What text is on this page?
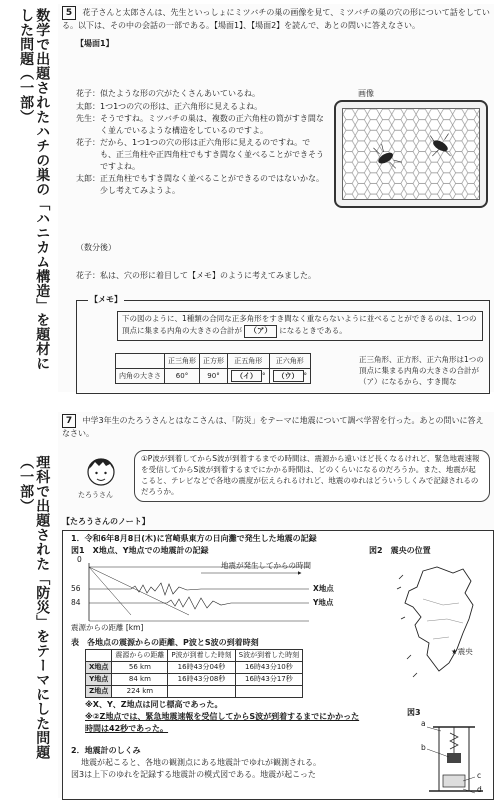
数学で出題されたハチの巣の「ハニカム構造」を題材にした問題（一部）
理科で出題された「防災」をテーマにした問題（一部）
5 花子さんと太郎さんは、先生といっしょにミツバチの巣の画像を見て、ミツバチの巣の穴の形について話をしている。以下は、その中の会話の一部である。【場面1】、【場面2】を読んで、あとの問いに答えなさい。
【場面1】
花子： 似たような形の穴がたくさんあいているね。
太郎： 1つ1つの穴の形は、正六角形に見えるよね。
先生： そうですね。ミツバチの巣は、複数の正六角柱の筒がすき間なく並んでいるような構造をしているのですよ。
花子： だから、1つ1つの穴の形は正六角形に見えるのですね。でも、正三角柱や正四角柱でもすき間なく並べることができそうですよね。
太郎： 正五角柱でもすき間なく並べることができるのではないかな。少し考えてみようよ。
画像
（数分後）
花子： 私は、穴の形に着目して【メモ】のように考えてみました。
下の図のように、1種類の合同な正多角形をすき間なく重ならないように並べることができるのは、1つの頂点に集まる内角の大きさの合計が （ア） になるときである。
	正三角形	正方形	正五角形	正六角形
内角の大きさ	60°	90°	（イ） °	（ウ） °
正三角形、正方形、正六角形は1つの頂点に集まる内角の大きさの合計が（ア）になるから、すき間な
【メモ】
7 中学3年生のたろうさんとはなこさんは、「防災」をテーマに地震について調べ学習を行った。あとの問いに答えなさい。
たろうさん
①P波が到着してからS波が到着するまでの時間は、震源から遠いほど長くなるけれど、緊急地震速報を受信してからS波が到着するまでにかかる時間は、どのくらいになるのだろうか。また、地震が起こると、テレビなどで各地の震度が伝えられるけれど、地震のゆれはどういうしくみで記録されるのだろうか。
【たろうさんのノート】
1．令和6年8月8日(木)に宮崎県東方の日向灘で発生した地震の記録
図1　X地点、Y地点での地震計の記録	図2　震央の位置
地震が発生してからの時間
0
56
84
X地点
Y地点
震源からの距離 [km]
★震央
表　各地点の震源からの距離、P波とS波の到着時刻
	震源からの距離	P波が到着した時刻	S波が到着した時刻
X地点	56 km	16時43分04秒	16時43分10秒
Y地点	84 km	16時43分08秒	16時43分17秒
Z地点	224 km		
※X、Y、Z地点は同じ標高であった。
※②Z地点では、緊急地震速報を受信してからS波が到着するまでにかかった時間は42秒であった。
2．地震計のしくみ
地震が起こると、各地の観測点にある地震計でゆれが観測される。
図3は上下のゆれを記録する地震計の模式図である。地震が起こった
図3
a
b
c
d
